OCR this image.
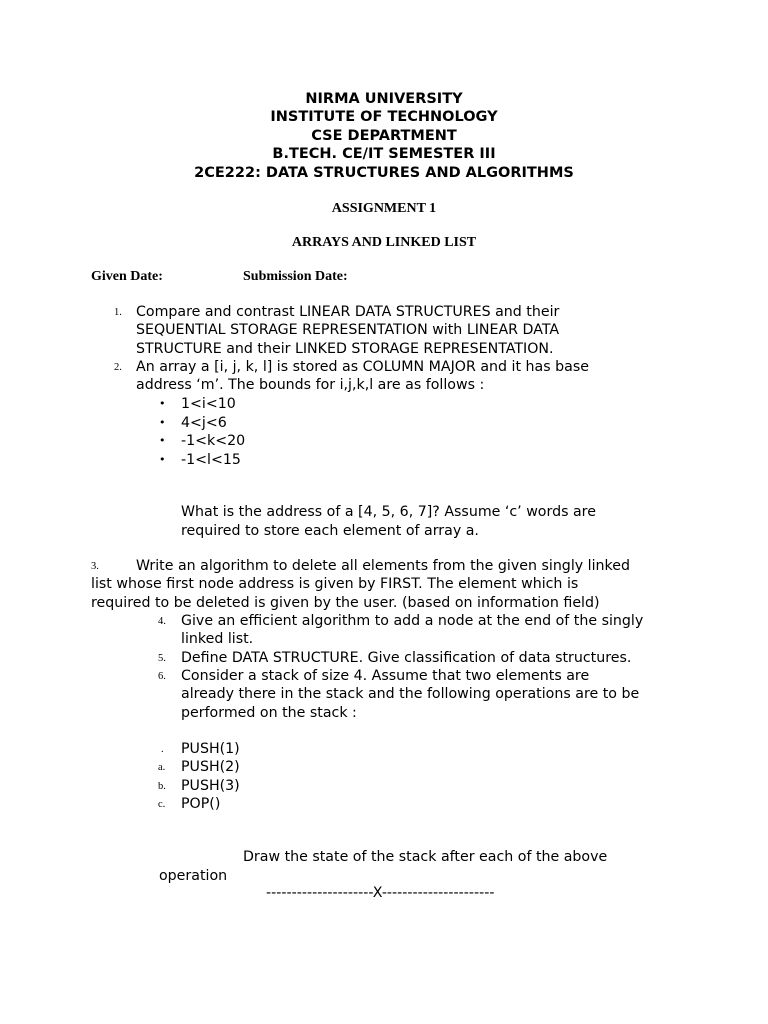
NIRMA UNIVERSITY
INSTITUTE OF TECHNOLOGY
CSE DEPARTMENT
B.TECH. CE/IT SEMESTER III
2CE222: DATA STRUCTURES AND ALGORITHMS
ASSIGNMENT 1
ARRAYS AND LINKED LIST
Given Date:	Submission Date:
1. Compare and contrast LINEAR DATA STRUCTURES and their
SEQUENTIAL STORAGE REPRESENTATION with LINEAR DATA
STRUCTURE and their LINKED STORAGE REPRESENTATION.
2. An array a [i, j, k, l] is stored as COLUMN MAJOR and it has base
address ‘m’. The bounds for i,j,k,l are as follows :
• 1<i<10
• 4<j<6
• -1<k<20
• -1<l<15
What is the address of a [4, 5, 6, 7]? Assume ‘c’ words are
required to store each element of array a.
3.	Write an algorithm to delete all elements from the given singly linked
list whose first node address is given by FIRST. The element which is
required to be deleted is given by the user. (based on information field)
4. Give an efficient algorithm to add a node at the end of the singly
linked list.
5. Define DATA STRUCTURE. Give classification of data structures.
6. Consider a stack of size 4. Assume that two elements are
already there in the stack and the following operations are to be
performed on the stack :
. PUSH(1)
a. PUSH(2)
b. PUSH(3)
c. POP()
Draw the state of the stack after each of the above
operation
---------------------X----------------------
